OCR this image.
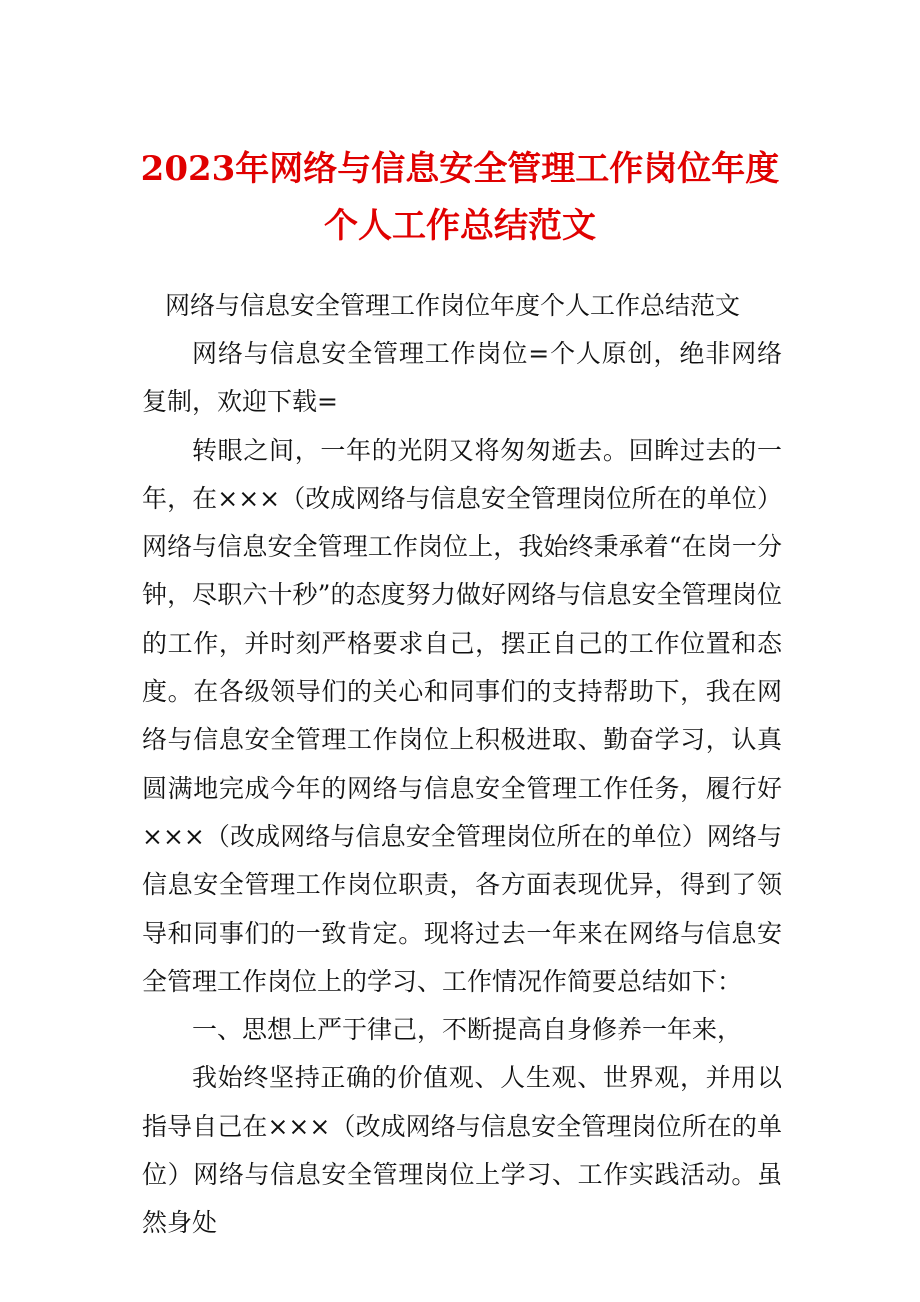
2023年网络与信息安全管理工作岗位年度
个人工作总结范文
网络与信息安全管理工作岗位年度个人工作总结范文

网络与信息安全管理工作岗位=个人原创，绝非网络复制，欢迎下载=

转眼之间，一年的光阴又将匆匆逝去。回眸过去的一年，在×××（改成网络与信息安全管理岗位所在的单位）网络与信息安全管理工作岗位上，我始终秉承着“在岗一分钟，尽职六十秒”的态度努力做好网络与信息安全管理岗位的工作，并时刻严格要求自己，摆正自己的工作位置和态度。在各级领导们的关心和同事们的支持帮助下，我在网络与信息安全管理工作岗位上积极进取、勤奋学习，认真圆满地完成今年的网络与信息安全管理工作任务，履行好×××（改成网络与信息安全管理岗位所在的单位）网络与信息安全管理工作岗位职责，各方面表现优异，得到了领导和同事们的一致肯定。现将过去一年来在网络与信息安全管理工作岗位上的学习、工作情况作简要总结如下：

一、思想上严于律己，不断提高自身修养一年来，

我始终坚持正确的价值观、人生观、世界观，并用以指导自己在×××（改成网络与信息安全管理岗位所在的单位）网络与信息安全管理岗位上学习、工作实践活动。虽然身处
